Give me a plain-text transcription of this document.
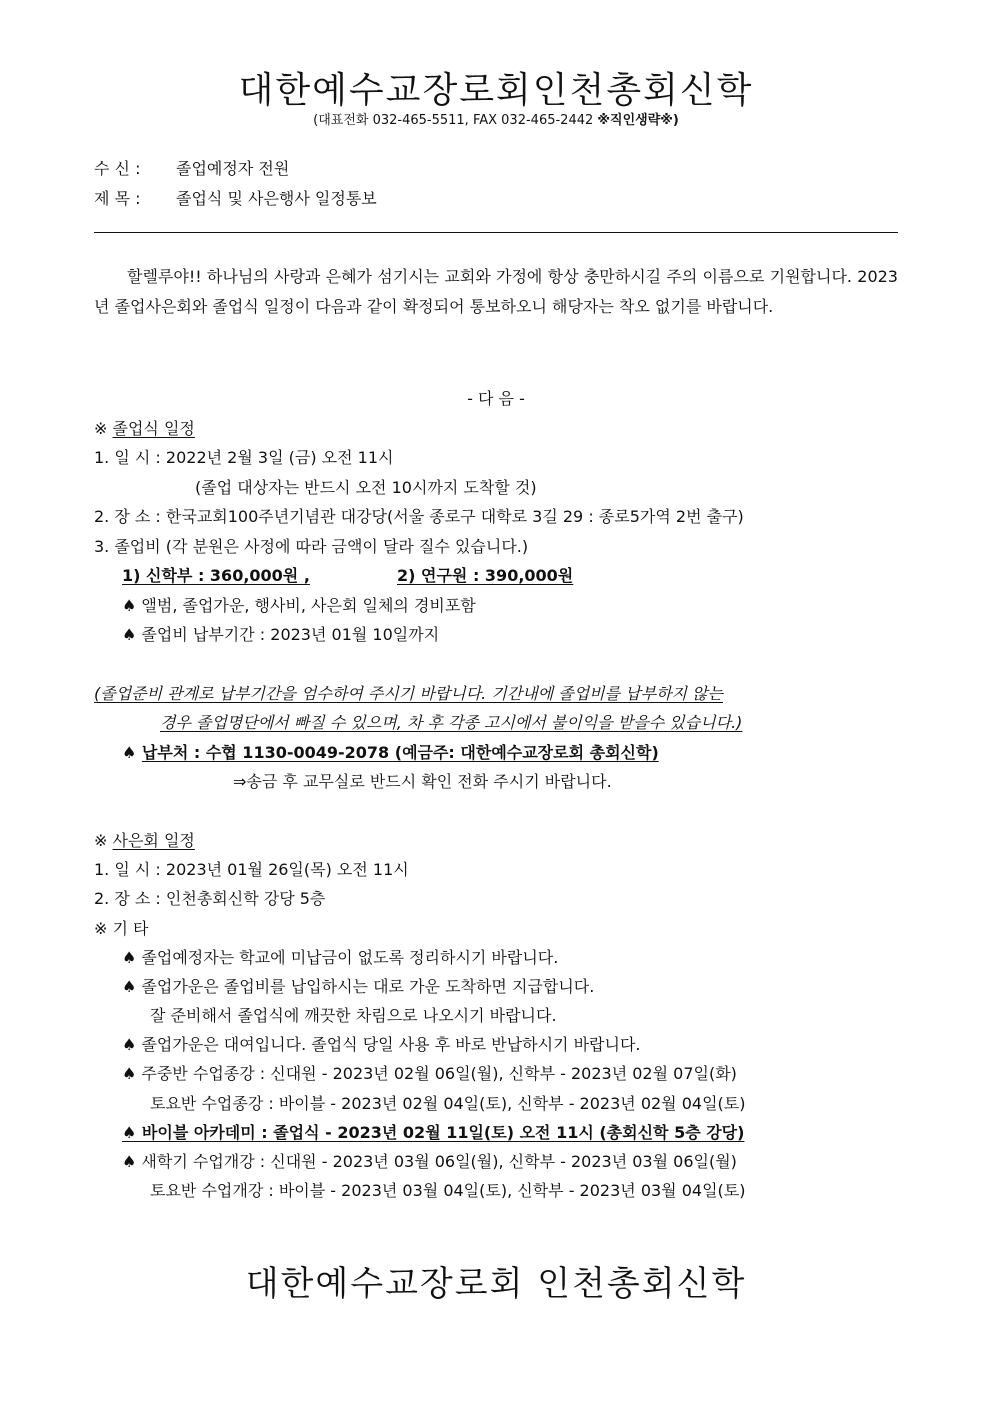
대한예수교장로회인천총회신학
(대표전화 032-465-5511, FAX 032-465-2442 ※직인생략※)
수 신 : 졸업예정자 전원
제 목 : 졸업식 및 사은행사 일정통보
할렐루야!! 하나님의 사랑과 은혜가 섬기시는 교회와 가정에 항상 충만하시길 주의 이름으로 기원합니다. 2023년 졸업사은회와 졸업식 일정이 다음과 같이 확정되어 통보하오니 해당자는 착오 없기를 바랍니다.
- 다 음 -
※ 졸업식 일정
1. 일 시 : 2022년 2월 3일 (금) 오전 11시
(졸업 대상자는 반드시 오전 10시까지 도착할 것)
2. 장 소 : 한국교회100주년기념관 대강당(서울 종로구 대학로 3길 29 : 종로5가역 2번 출구)
3. 졸업비 (각 분원은 사정에 따라 금액이 달라 질수 있습니다.)
1) 신학부 : 360,000원 ,	2) 연구원 : 390,000원
♠ 앨범, 졸업가운, 행사비, 사은회 일체의 경비포함
♠ 졸업비 납부기간 : 2023년 01월 10일까지
(졸업준비 관계로 납부기간을 엄수하여 주시기 바랍니다. 기간내에 졸업비를 납부하지 않는
경우 졸업명단에서 빠질 수 있으며, 차 후 각종 고시에서 불이익을 받을수 있습니다.)
♠ 납부처 : 수협 1130-0049-2078 (예금주: 대한예수교장로회 총회신학)
⇒송금 후 교무실로 반드시 확인 전화 주시기 바랍니다.
※ 사은회 일정
1. 일 시 : 2023년 01월 26일(목) 오전 11시
2. 장 소 : 인천총회신학 강당 5층
※ 기 타
♠ 졸업예정자는 학교에 미납금이 없도록 정리하시기 바랍니다.
♠ 졸업가운은 졸업비를 납입하시는 대로 가운 도착하면 지급합니다.
잘 준비해서 졸업식에 깨끗한 차림으로 나오시기 바랍니다.
♠ 졸업가운은 대여입니다. 졸업식 당일 사용 후 바로 반납하시기 바랍니다.
♠ 주중반 수업종강 : 신대원 - 2023년 02월 06일(월), 신학부 - 2023년 02월 07일(화)
토요반 수업종강 : 바이블 - 2023년 02월 04일(토), 신학부 - 2023년 02월 04일(토)
♠ 바이블 아카데미 : 졸업식 - 2023년 02월 11일(토) 오전 11시 (총회신학 5층 강당)
♠ 새학기 수업개강 : 신대원 - 2023년 03월 06일(월), 신학부 - 2023년 03월 06일(월)
토요반 수업개강 : 바이블 - 2023년 03월 04일(토), 신학부 - 2023년 03월 04일(토)
대한예수교장로회 인천총회신학
